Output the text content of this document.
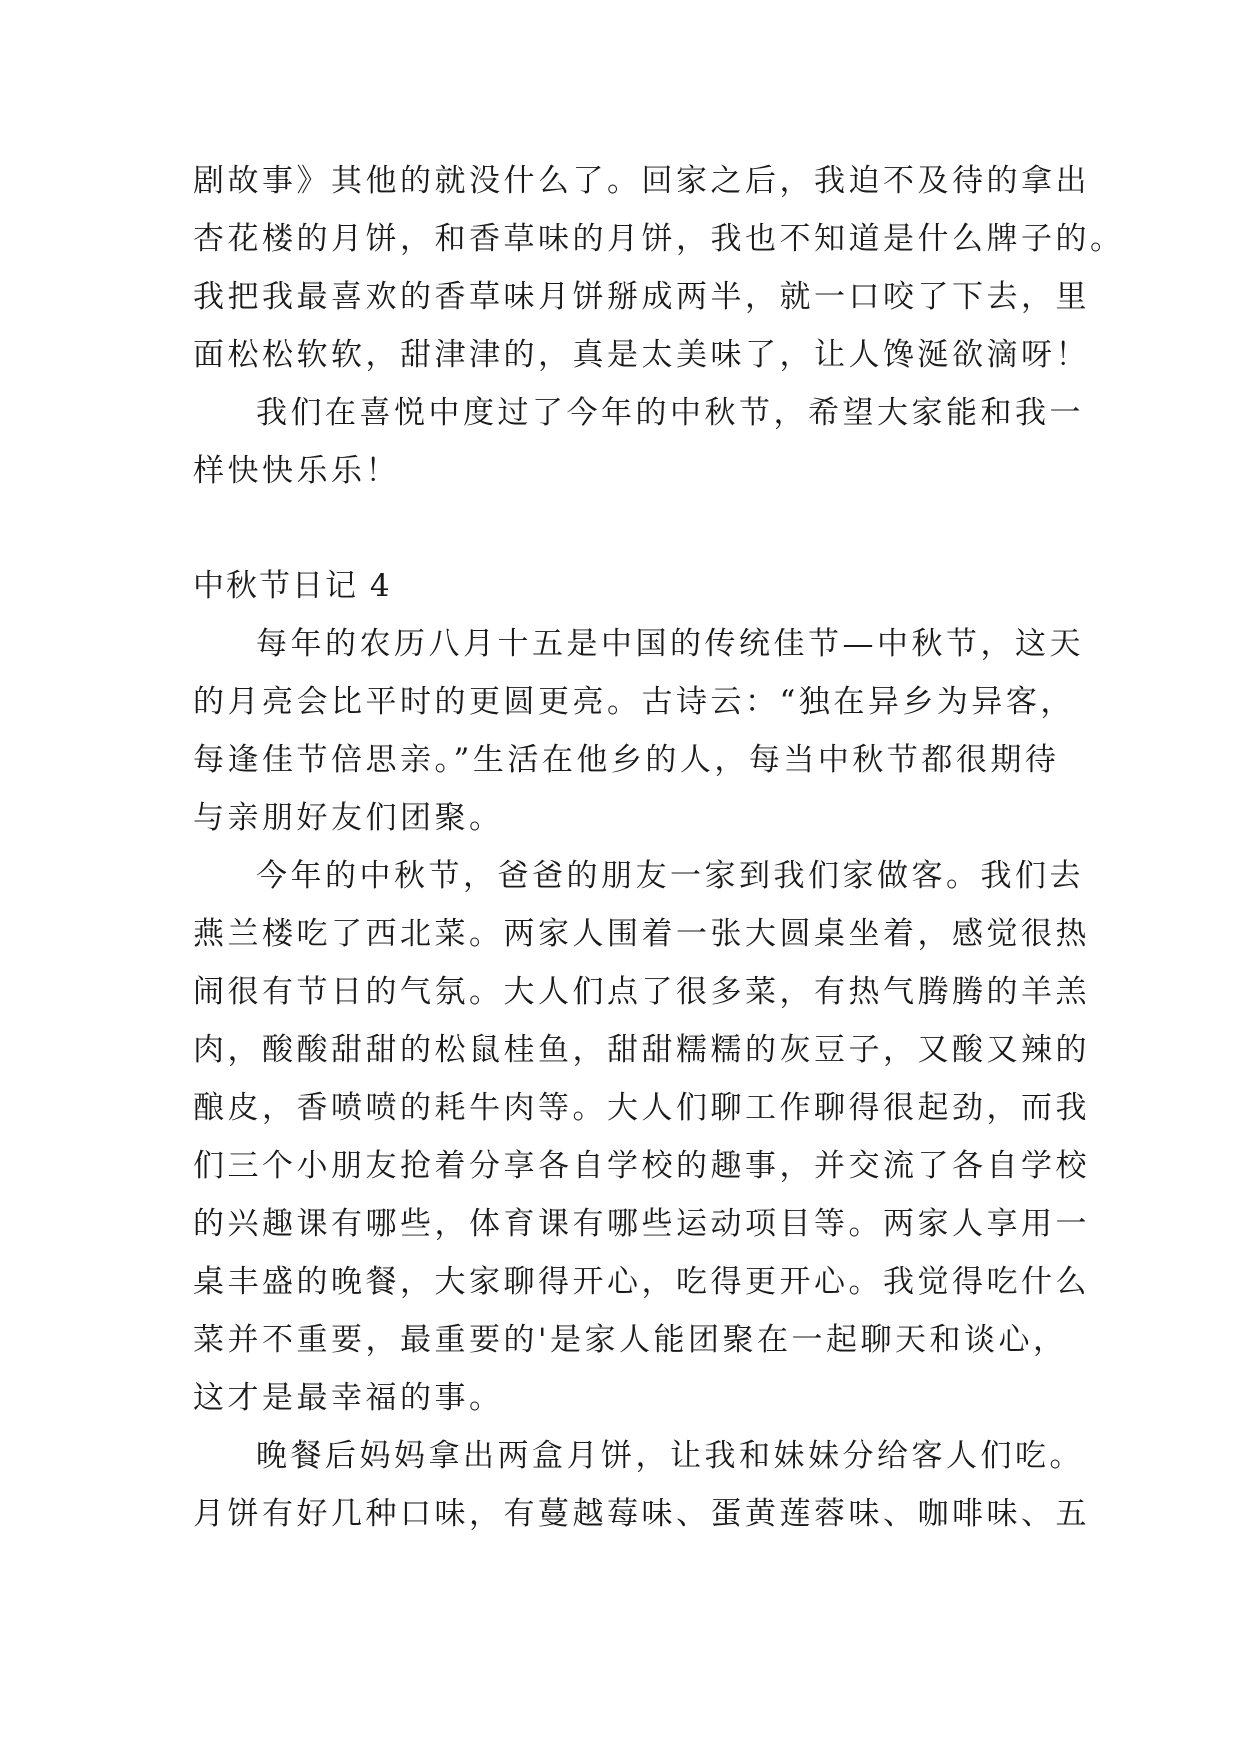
剧故事》其他的就没什么了。回家之后，我迫不及待的拿出
杏花楼的月饼，和香草味的月饼，我也不知道是什么牌子的。
我把我最喜欢的香草味月饼掰成两半，就一口咬了下去，里
面松松软软，甜津津的，真是太美味了，让人馋涎欲滴呀！
我们在喜悦中度过了今年的中秋节，希望大家能和我一
样快快乐乐！
中秋节日记 4
每年的农历八月十五是中国的传统佳节—中秋节，这天
的月亮会比平时的更圆更亮。古诗云：“独在异乡为异客，
每逢佳节倍思亲。”生活在他乡的人，每当中秋节都很期待
与亲朋好友们团聚。
今年的中秋节，爸爸的朋友一家到我们家做客。我们去
燕兰楼吃了西北菜。两家人围着一张大圆桌坐着，感觉很热
闹很有节日的气氛。大人们点了很多菜，有热气腾腾的羊羔
肉，酸酸甜甜的松鼠桂鱼，甜甜糯糯的灰豆子，又酸又辣的
酿皮，香喷喷的耗牛肉等。大人们聊工作聊得很起劲，而我
们三个小朋友抢着分享各自学校的趣事，并交流了各自学校
的兴趣课有哪些，体育课有哪些运动项目等。两家人享用一
桌丰盛的晚餐，大家聊得开心，吃得更开心。我觉得吃什么
菜并不重要，最重要的'是家人能团聚在一起聊天和谈心，
这才是最幸福的事。
晚餐后妈妈拿出两盒月饼，让我和妹妹分给客人们吃。
月饼有好几种口味，有蔓越莓味、蛋黄莲蓉味、咖啡味、五
